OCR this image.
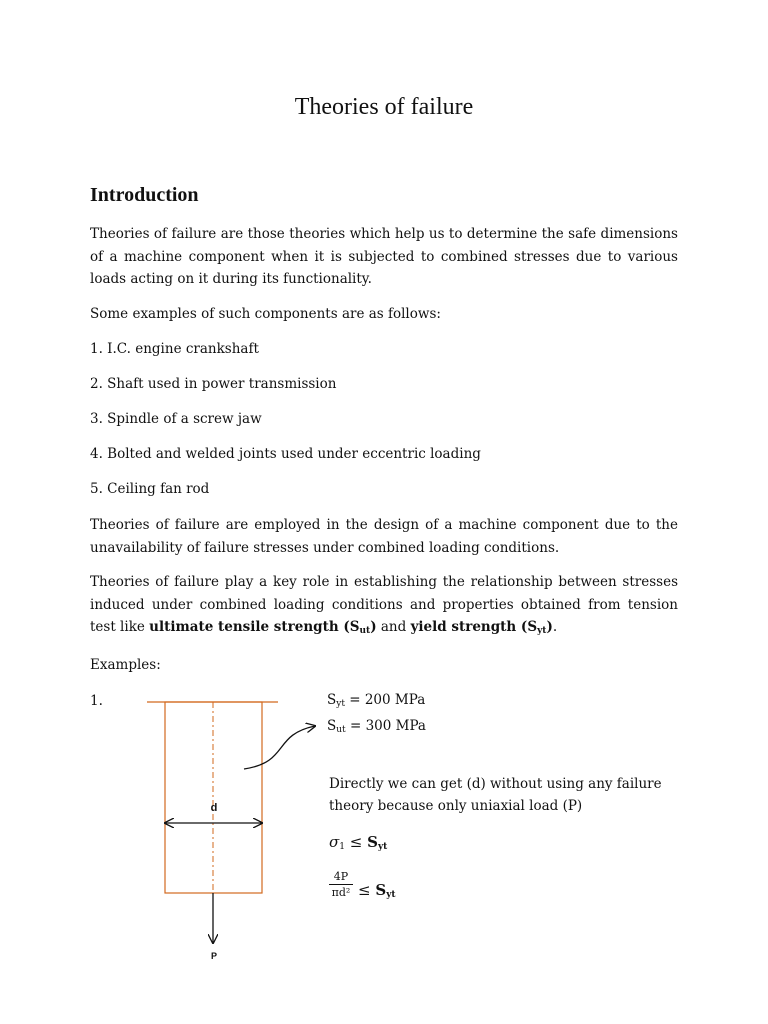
Theories of failure
Introduction
Theories of failure are those theories which help us to determine the safe dimensions of a machine component when it is subjected to combined stresses due to various loads acting on it during its functionality.
Some examples of such components are as follows:
1. I.C. engine crankshaft
2. Shaft used in power transmission
3. Spindle of a screw jaw
4. Bolted and welded joints used under eccentric loading
5. Ceiling fan rod
Theories of failure are employed in the design of a machine component due to the unavailability of failure stresses under combined loading conditions.
Theories of failure play a key role in establishing the relationship between stresses induced under combined loading conditions and properties obtained from tension test like ultimate tensile strength $(S_{ut})$ and yield strength $(S_{yt})$.
Examples:
1.
d
P
$S_{yt} = 200$ MPa
$S_{ut} = 300$ MPa
Directly we can get (d) without using any failure theory because only uniaxial load (P)
$\sigma_1 \le S_{yt}$
$\frac{4P}{\text{πd²}} \le S_{yt}$
